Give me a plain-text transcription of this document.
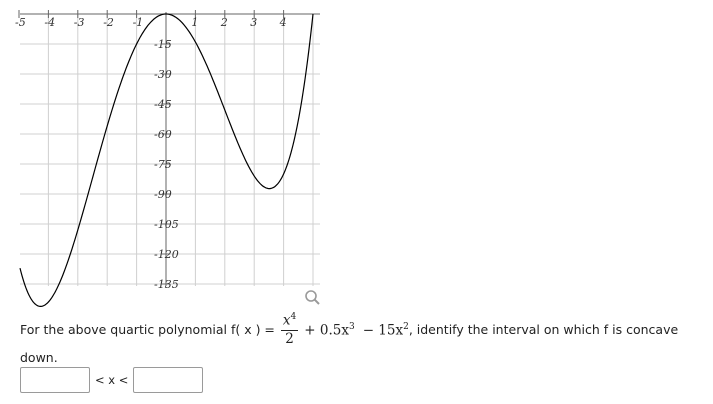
-5 -4 -3 -2 -1	1 2 3 4
-15
-30
-45
-60
-75
-90
-105
-120
-135
For the above quartic polynomial f( x ) = $\frac{x^4}{2} + 0.5x^3 - 15x^2$ , identify the interval on which f is concave
down.
< x <
